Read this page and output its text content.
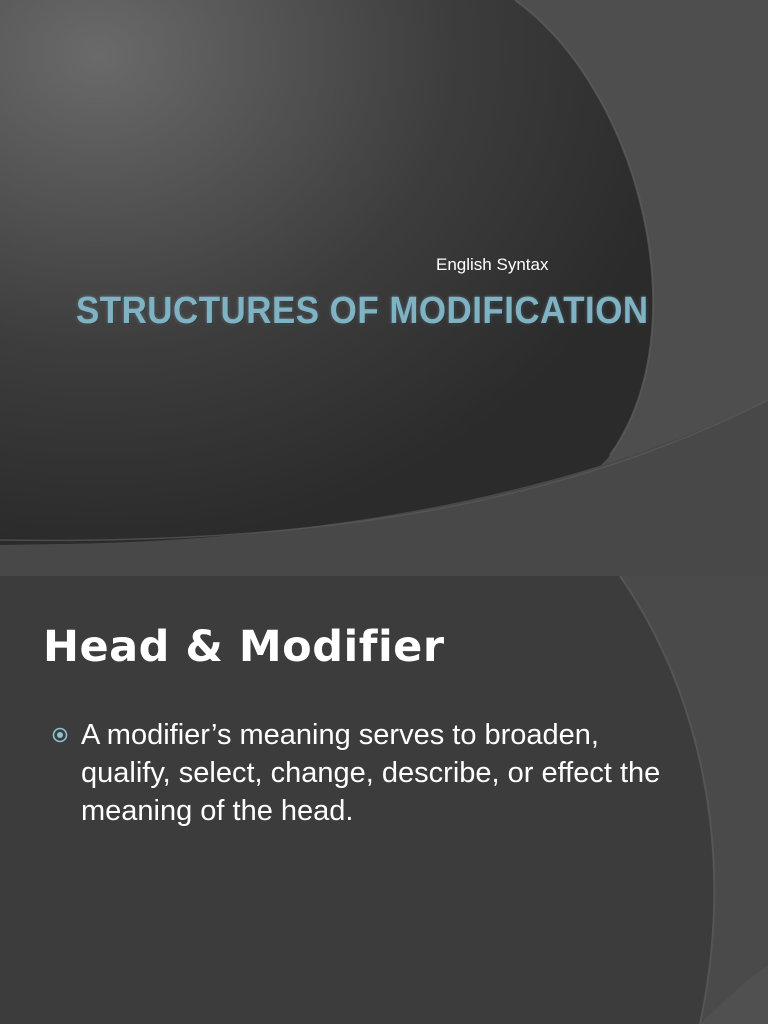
English Syntax
STRUCTURES OF MODIFICATION
Head & Modifier
A modifier’s meaning serves to broaden, qualify, select, change, describe, or effect the meaning of the head.
